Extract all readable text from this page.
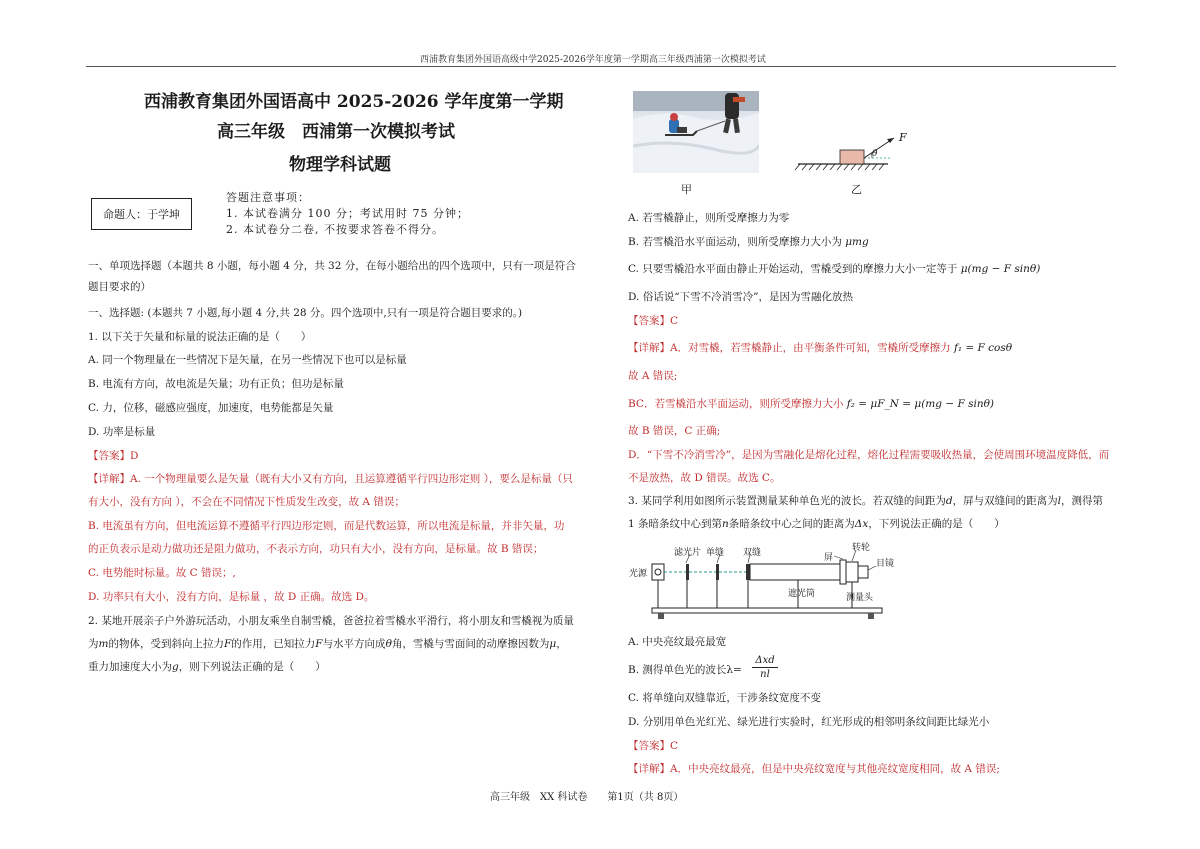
西浦教育集团外国语高级中学2025-2026学年度第一学期高三年级西浦第一次模拟考试
西浦教育集团外国语高中 2025-2026 学年度第一学期
高三年级　西浦第一次模拟考试
物理学科试题
命题人：于学坤
答题注意事项：
1. 本试卷满分 100 分；考试用时 75 分钟；
2. 本试卷分二卷, 不按要求答卷不得分。
一、单项选择题（本题共 8 小题，每小题 4 分，共 32 分，在每小题给出的四个选项中，只有一项是符合
题目要求的）
一、选择题: (本题共 7 小题,每小题 4 分,共 28 分。四个选项中,只有一项是符合题目要求的。)
1. 以下关于矢量和标量的说法正确的是（　　）
A. 同一个物理量在一些情况下是矢量，在另一些情况下也可以是标量
B. 电流有方向，故电流是矢量；功有正负；但功是标量
C. 力，位移，磁感应强度，加速度，电势能都是矢量
D. 功率是标量
【答案】D
【详解】A. 一个物理量要么是矢量（既有大小又有方向，且运算遵循平行四边形定则 ），要么是标量（只
有大小，没有方向 ），不会在不同情况下性质发生改变，故 A 错误；
B. 电流虽有方向，但电流运算不遵循平行四边形定则，而是代数运算，所以电流是标量，并非矢量，功
的正负表示是动力做功还是阻力做功，不表示方向，功只有大小，没有方向，是标量。故 B 错误；
C. 电势能时标量。故 C 错误；,
D. 功率只有大小，没有方向，是标量 ，故 D 正确。故选 D。
2. 某地开展亲子户外游玩活动，小朋友乘坐自制雪橇，爸爸拉着雪橇水平滑行，将小朋友和雪橇视为质量
为m的物体，受到斜向上拉力F的作用，已知拉力F与水平方向成θ角，雪橇与雪面间的动摩擦因数为μ，
重力加速度大小为g，则下列说法正确的是（　　）
甲
F
θ
乙
A. 若雪橇静止，则所受摩擦力为零
B. 若雪橇沿水平面运动，则所受摩擦力大小为 μmg
C. 只要雪橇沿水平面由静止开始运动，雪橇受到的摩擦力大小一定等于 μ(mg − F sinθ)
D. 俗话说“下雪不冷消雪冷”，是因为雪融化放热
【答案】C
【详解】A．对雪橇，若雪橇静止，由平衡条件可知，雪橇所受摩擦力 f₁ = F cosθ
故 A 错误;
BC．若雪橇沿水平面运动，则所受摩擦力大小 f₂ = μF_N = μ(mg − F sinθ)
故 B 错误，C 正确;
D．“下雪不冷消雪冷”，是因为雪融化是熔化过程，熔化过程需要吸收热量，会使周围环境温度降低，而
不是放热，故 D 错误。故选 C。
3. 某同学利用如图所示装置测量某种单色光的波长。若双缝的间距为d，屏与双缝间的距离为l，测得第
1 条暗条纹中心到第n条暗条纹中心之间的距离为Δx，下列说法正确的是（　　）
光源
滤光片 单缝 双缝	屏
转轮
目镜
遮光筒	测量头
A. 中央亮纹最亮最宽
B. 测得单色光的波长λ=
Δxd
nl
C. 将单缝向双缝靠近，干涉条纹宽度不变
D. 分别用单色光红光、绿光进行实验时，红光形成的相邻明条纹间距比绿光小
【答案】C
【详解】A．中央亮纹最亮，但是中央亮纹宽度与其他亮纹宽度相同，故 A 错误;
高三年级　XX 科试卷　　第1页（共 8页）
